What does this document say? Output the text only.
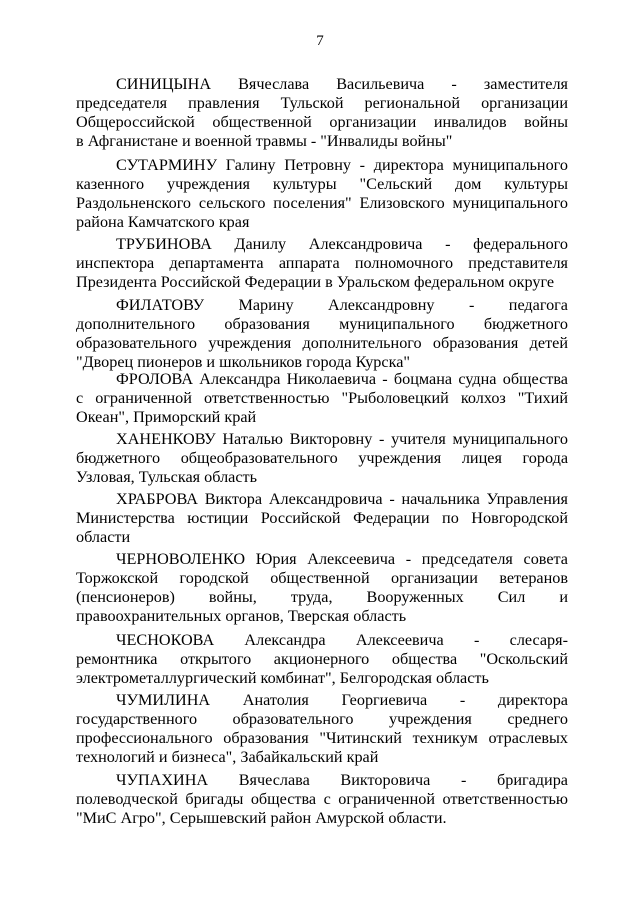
7
СИНИЦЫНА Вячеслава Васильевича - заместителя
председателя правления Тульской региональной организации
Общероссийской общественной организации инвалидов войны
в Афганистане и военной травмы - "Инвалиды войны"
СУТАРМИНУ Галину Петровну - директора муниципального
казенного учреждения культуры "Сельский дом культуры
Раздольненского сельского поселения" Елизовского муниципального
района Камчатского края
ТРУБИНОВА Данилу Александровича - федерального
инспектора департамента аппарата полномочного представителя
Президента Российской Федерации в Уральском федеральном округе
ФИЛАТОВУ Марину Александровну - педагога
дополнительного образования муниципального бюджетного
образовательного учреждения дополнительного образования детей
"Дворец пионеров и школьников города Курска"
ФРОЛОВА Александра Николаевича - боцмана судна общества
с ограниченной ответственностью "Рыболовецкий колхоз "Тихий
Океан", Приморский край
ХАНЕНКОВУ Наталью Викторовну - учителя муниципального
бюджетного общеобразовательного учреждения лицея города
Узловая, Тульская область
ХРАБРОВА Виктора Александровича - начальника Управления
Министерства юстиции Российской Федерации по Новгородской
области
ЧЕРНОВОЛЕНКО Юрия Алексеевича - председателя совета
Торжокской городской общественной организации ветеранов
(пенсионеров) войны, труда, Вооруженных Сил и
правоохранительных органов, Тверская область
ЧЕСНОКОВА Александра Алексеевича - слесаря-
ремонтника открытого акционерного общества "Оскольский
электрометаллургический комбинат", Белгородская область
ЧУМИЛИНА Анатолия Георгиевича - директора
государственного образовательного учреждения среднего
профессионального образования "Читинский техникум отраслевых
технологий и бизнеса", Забайкальский край
ЧУПАХИНА Вячеслава Викторовича - бригадира
полеводческой бригады общества с ограниченной ответственностью
"МиС Агро", Серышевский район Амурской области.
